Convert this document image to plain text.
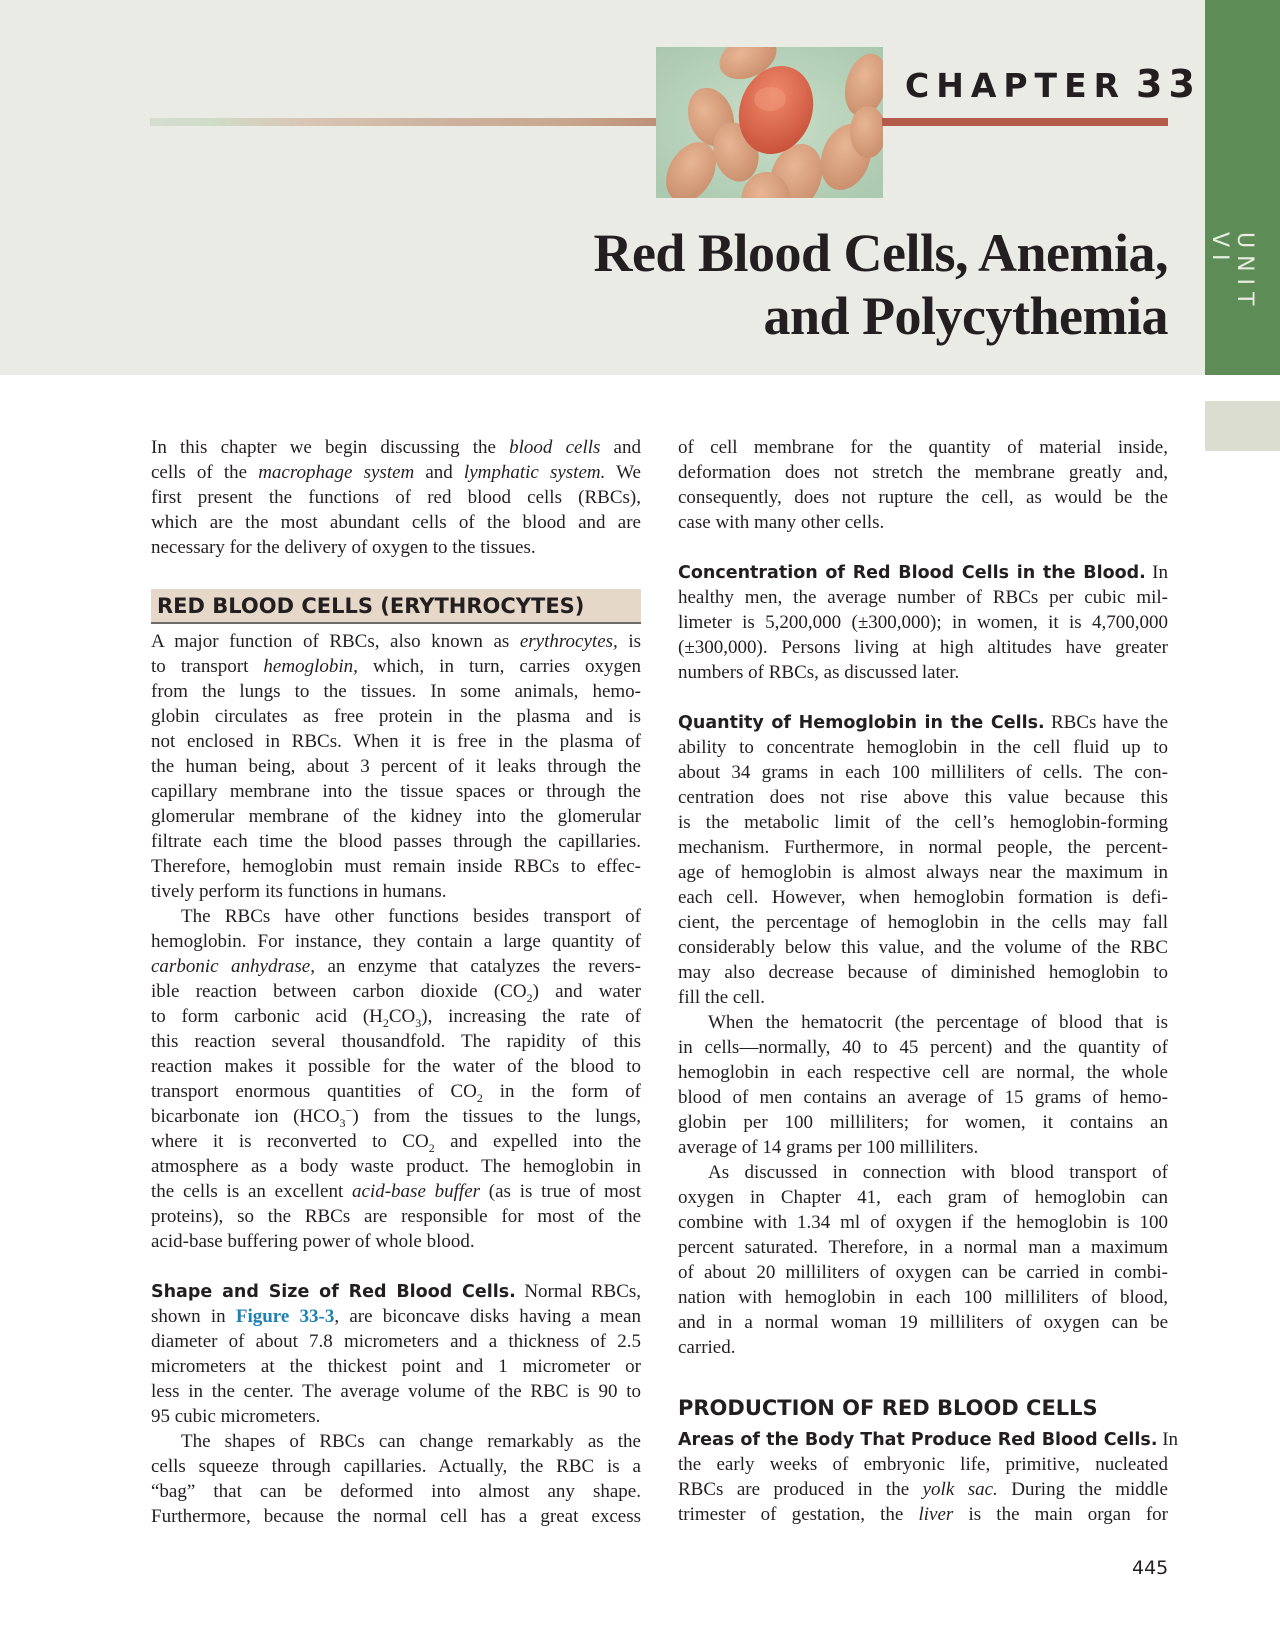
CHAPTER 33
Red Blood Cells, Anemia,
and Polycythemia
UNIT VI
In this chapter we begin discussing the blood cells and
cells of the macrophage system and lymphatic system. We
first present the functions of red blood cells (RBCs),
which are the most abundant cells of the blood and are
necessary for the delivery of oxygen to the tissues.
RED BLOOD CELLS (ERYTHROCYTES)
A major function of RBCs, also known as erythrocytes, is
to transport hemoglobin, which, in turn, carries oxygen
from the lungs to the tissues. In some animals, hemo-
globin circulates as free protein in the plasma and is
not enclosed in RBCs. When it is free in the plasma of
the human being, about 3 percent of it leaks through the
capillary membrane into the tissue spaces or through the
glomerular membrane of the kidney into the glomerular
filtrate each time the blood passes through the capillaries.
Therefore, hemoglobin must remain inside RBCs to effec-
tively perform its functions in humans.
The RBCs have other functions besides transport of
hemoglobin. For instance, they contain a large quantity of
carbonic anhydrase, an enzyme that catalyzes the revers-
ible reaction between carbon dioxide $(CO_2)$ and water
to form carbonic acid $(H_2CO_3)$, increasing the rate of
this reaction several thousandfold. The rapidity of this
reaction makes it possible for the water of the blood to
transport enormous quantities of $CO_2$ in the form of
bicarbonate ion $(HCO_3^-)$ from the tissues to the lungs,
where it is reconverted to $CO_2$ and expelled into the
atmosphere as a body waste product. The hemoglobin in
the cells is an excellent acid-base buffer (as is true of most
proteins), so the RBCs are responsible for most of the
acid-base buffering power of whole blood.
Shape and Size of Red Blood Cells. Normal RBCs,
shown in Figure 33-3, are biconcave disks having a mean
diameter of about 7.8 micrometers and a thickness of 2.5
micrometers at the thickest point and 1 micrometer or
less in the center. The average volume of the RBC is 90 to
95 cubic micrometers.
The shapes of RBCs can change remarkably as the
cells squeeze through capillaries. Actually, the RBC is a
“bag” that can be deformed into almost any shape.
Furthermore, because the normal cell has a great excess
of cell membrane for the quantity of material inside,
deformation does not stretch the membrane greatly and,
consequently, does not rupture the cell, as would be the
case with many other cells.
Concentration of Red Blood Cells in the Blood. In
healthy men, the average number of RBCs per cubic mil-
limeter is 5,200,000 (±300,000); in women, it is 4,700,000
(±300,000). Persons living at high altitudes have greater
numbers of RBCs, as discussed later.
Quantity of Hemoglobin in the Cells. RBCs have the
ability to concentrate hemoglobin in the cell fluid up to
about 34 grams in each 100 milliliters of cells. The con-
centration does not rise above this value because this
is the metabolic limit of the cell’s hemoglobin-forming
mechanism. Furthermore, in normal people, the percent-
age of hemoglobin is almost always near the maximum in
each cell. However, when hemoglobin formation is defi-
cient, the percentage of hemoglobin in the cells may fall
considerably below this value, and the volume of the RBC
may also decrease because of diminished hemoglobin to
fill the cell.
When the hematocrit (the percentage of blood that is
in cells—normally, 40 to 45 percent) and the quantity of
hemoglobin in each respective cell are normal, the whole
blood of men contains an average of 15 grams of hemo-
globin per 100 milliliters; for women, it contains an
average of 14 grams per 100 milliliters.
As discussed in connection with blood transport of
oxygen in Chapter 41, each gram of hemoglobin can
combine with 1.34 ml of oxygen if the hemoglobin is 100
percent saturated. Therefore, in a normal man a maximum
of about 20 milliliters of oxygen can be carried in combi-
nation with hemoglobin in each 100 milliliters of blood,
and in a normal woman 19 milliliters of oxygen can be
carried.
PRODUCTION OF RED BLOOD CELLS
Areas of the Body That Produce Red Blood Cells. In
the early weeks of embryonic life, primitive, nucleated
RBCs are produced in the yolk sac. During the middle
trimester of gestation, the liver is the main organ for
445
